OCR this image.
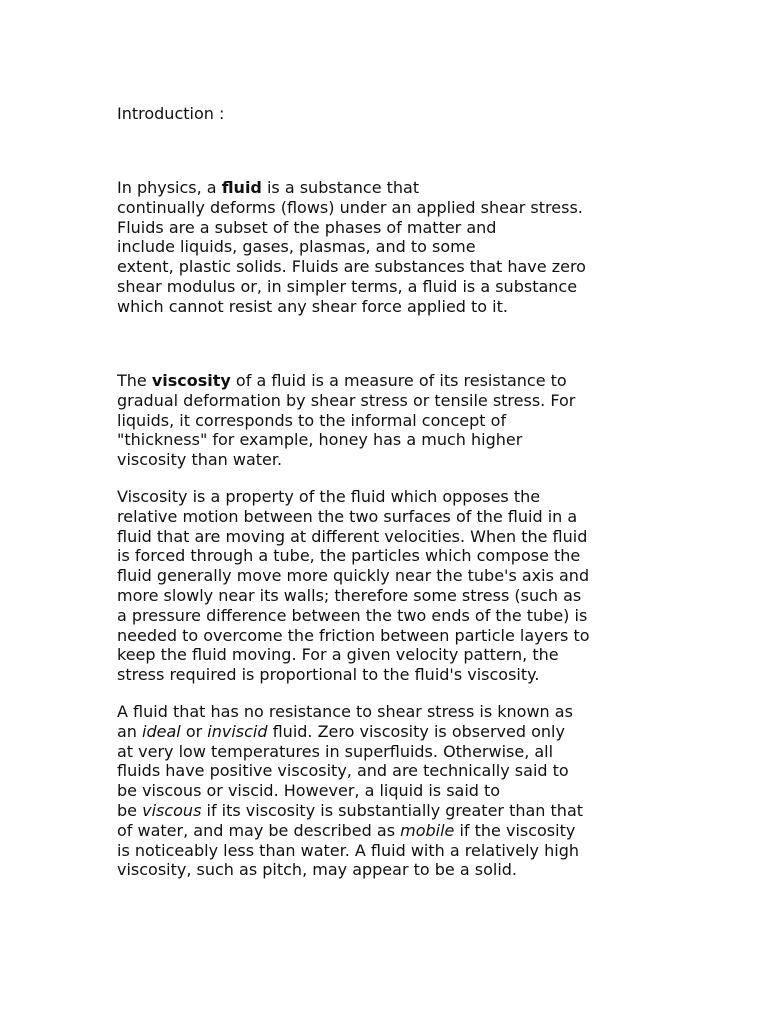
Introduction :
In physics, a fluid is a substance that
continually deforms (flows) under an applied shear stress.
Fluids are a subset of the phases of matter and
include liquids, gases, plasmas, and to some
extent, plastic solids. Fluids are substances that have zero
shear modulus or, in simpler terms, a fluid is a substance
which cannot resist any shear force applied to it.
The viscosity of a fluid is a measure of its resistance to
gradual deformation by shear stress or tensile stress. For
liquids, it corresponds to the informal concept of
"thickness" for example, honey has a much higher
viscosity than water.
Viscosity is a property of the fluid which opposes the
relative motion between the two surfaces of the fluid in a
fluid that are moving at different velocities. When the fluid
is forced through a tube, the particles which compose the
fluid generally move more quickly near the tube's axis and
more slowly near its walls; therefore some stress (such as
a pressure difference between the two ends of the tube) is
needed to overcome the friction between particle layers to
keep the fluid moving. For a given velocity pattern, the
stress required is proportional to the fluid's viscosity.
A fluid that has no resistance to shear stress is known as
an ideal or inviscid fluid. Zero viscosity is observed only
at very low temperatures in superfluids. Otherwise, all
fluids have positive viscosity, and are technically said to
be viscous or viscid. However, a liquid is said to
be viscous if its viscosity is substantially greater than that
of water, and may be described as mobile if the viscosity
is noticeably less than water. A fluid with a relatively high
viscosity, such as pitch, may appear to be a solid.
